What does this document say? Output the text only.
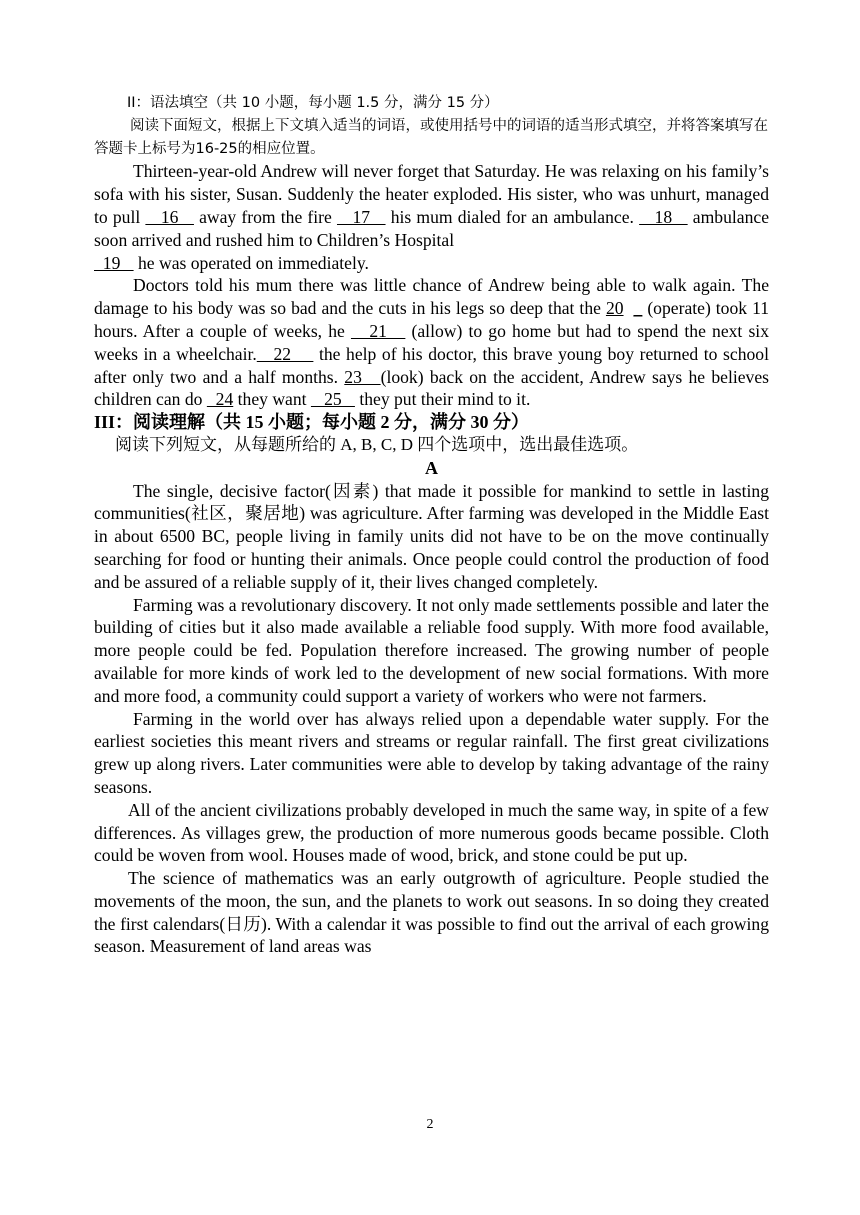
II：语法填空（共 10 小题，每小题 1.5 分，满分 15 分）

阅读下面短文，根据上下文填入适当的词语，或使用括号中的词语的适当形式填空，并将答案填写在答题卡上标号为16-25的相应位置。

Thirteen-year-old Andrew will never forget that Saturday. He was relaxing on his family’s sofa with his sister, Susan. Suddenly the heater exploded. His sister, who was unhurt, managed to pull    16    away from the fire    17    his mum dialed for an ambulance.    18    ambulance soon arrived and rushed him to Children’s Hospital
19    he was operated on immediately.

Doctors told his mum there was little chance of Andrew being able to walk again. The damage to his body was so bad and the cuts in his legs so deep that the 20 _ (operate) took 11 hours. After a couple of weeks, he    21    (allow) to go home but had to spend the next six weeks in a wheelchair.   22     the help of his doctor, this brave young boy returned to school after only two and a half months. 23   (look) back on the accident, Andrew says he believes children can do   24 they want    25    they put their mind to it.

III：阅读理解（共 15 小题；每小题 2 分，满分 30 分）

阅读下列短文，从每题所给的 A, B, C, D 四个选项中，选出最佳选项。

A

The single, decisive factor(因素) that made it possible for mankind to settle in lasting communities(社区，聚居地) was agriculture. After farming was developed in the Middle East in about 6500 BC, people living in family units did not have to be on the move continually searching for food or hunting their animals. Once people could control the production of food and be assured of a reliable supply of it, their lives changed completely.

Farming was a revolutionary discovery. It not only made settlements possible and later the building of cities but it also made available a reliable food supply. With more food available, more people could be fed. Population therefore increased. The growing number of people available for more kinds of work led to the development of new social formations. With more and more food, a community could support a variety of workers who were not farmers.

Farming in the world over has always relied upon a dependable water supply. For the earliest societies this meant rivers and streams or regular rainfall. The first great civilizations grew up along rivers. Later communities were able to develop by taking advantage of the rainy seasons.

All of the ancient civilizations probably developed in much the same way, in spite of a few differences. As villages grew, the production of more numerous goods became possible. Cloth could be woven from wool. Houses made of wood, brick, and stone could be put up.

The science of mathematics was an early outgrowth of agriculture. People studied the movements of the moon, the sun, and the planets to work out seasons. In so doing they created the first calendars(日历). With a calendar it was possible to find out the arrival of each growing season. Measurement of land areas was

2
